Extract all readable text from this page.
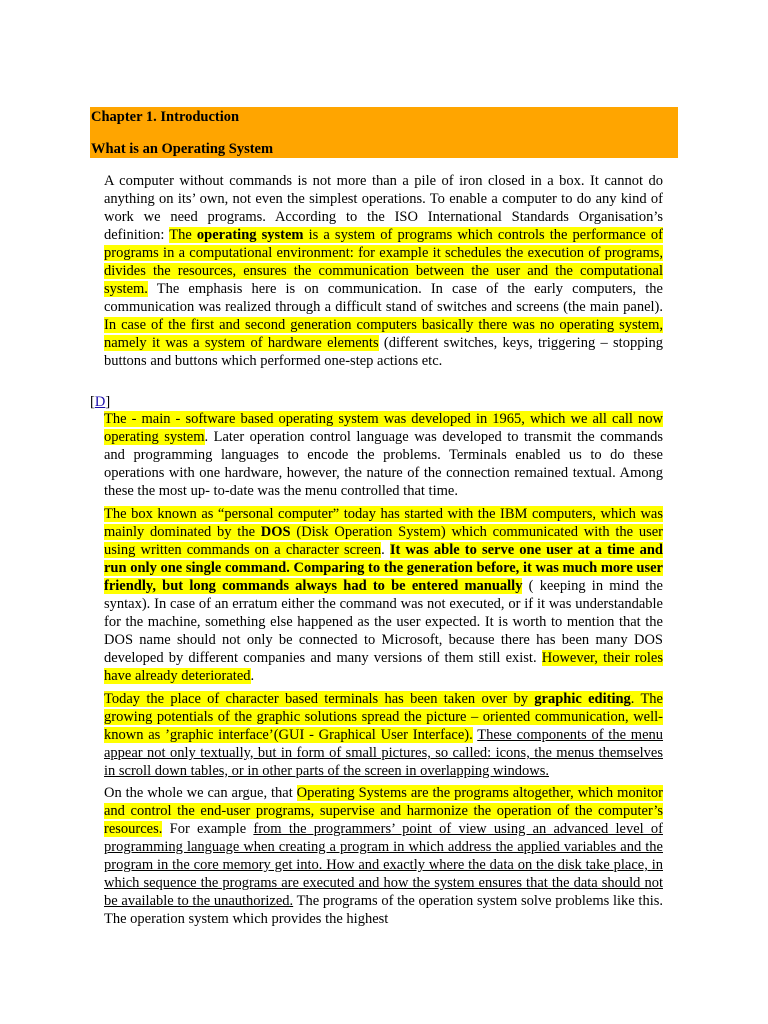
Chapter 1. Introduction
What is an Operating System
A computer without commands is not more than a pile of iron closed in a box. It cannot do anything on its’ own, not even the simplest operations. To enable a computer to do any kind of work we need programs. According to the ISO International Standards Organisation’s definition: The operating system is a system of programs which controls the performance of programs in a computational environment: for example it schedules the execution of programs, divides the resources, ensures the communication between the user and the computational system. The emphasis here is on communication. In case of the early computers, the communication was realized through a difficult stand of switches and screens (the main panel). In case of the first and second generation computers basically there was no operating system, namely it was a system of hardware elements (different switches, keys, triggering – stopping buttons and buttons which performed one-step actions etc.
[D]
The - main - software based operating system was developed in 1965, which we all call now operating system. Later operation control language was developed to transmit the commands and programming languages to encode the problems. Terminals enabled us to do these operations with one hardware, however, the nature of the connection remained textual. Among these the most up- to-date was the menu controlled that time.
The box known as “personal computer” today has started with the IBM computers, which was mainly dominated by the DOS (Disk Operation System) which communicated with the user using written commands on a character screen. It was able to serve one user at a time and run only one single command. Comparing to the generation before, it was much more user friendly, but long commands always had to be entered manually ( keeping in mind the syntax). In case of an erratum either the command was not executed, or if it was understandable for the machine, something else happened as the user expected. It is worth to mention that the DOS name should not only be connected to Microsoft, because there has been many DOS developed by different companies and many versions of them still exist. However, their roles have already deteriorated.
Today the place of character based terminals has been taken over by graphic editing. The growing potentials of the graphic solutions spread the picture – oriented communication, well-known as ’graphic interface’(GUI - Graphical User Interface). These components of the menu appear not only textually, but in form of small pictures, so called: icons, the menus themselves in scroll down tables, or in other parts of the screen in overlapping windows.
On the whole we can argue, that Operating Systems are the programs altogether, which monitor and control the end-user programs, supervise and harmonize the operation of the computer’s resources. For example from the programmers’ point of view using an advanced level of programming language when creating a program in which address the applied variables and the program in the core memory get into. How and exactly where the data on the disk take place, in which sequence the programs are executed and how the system ensures that the data should not be available to the unauthorized. The programs of the operation system solve problems like this. The operation system which provides the highest
